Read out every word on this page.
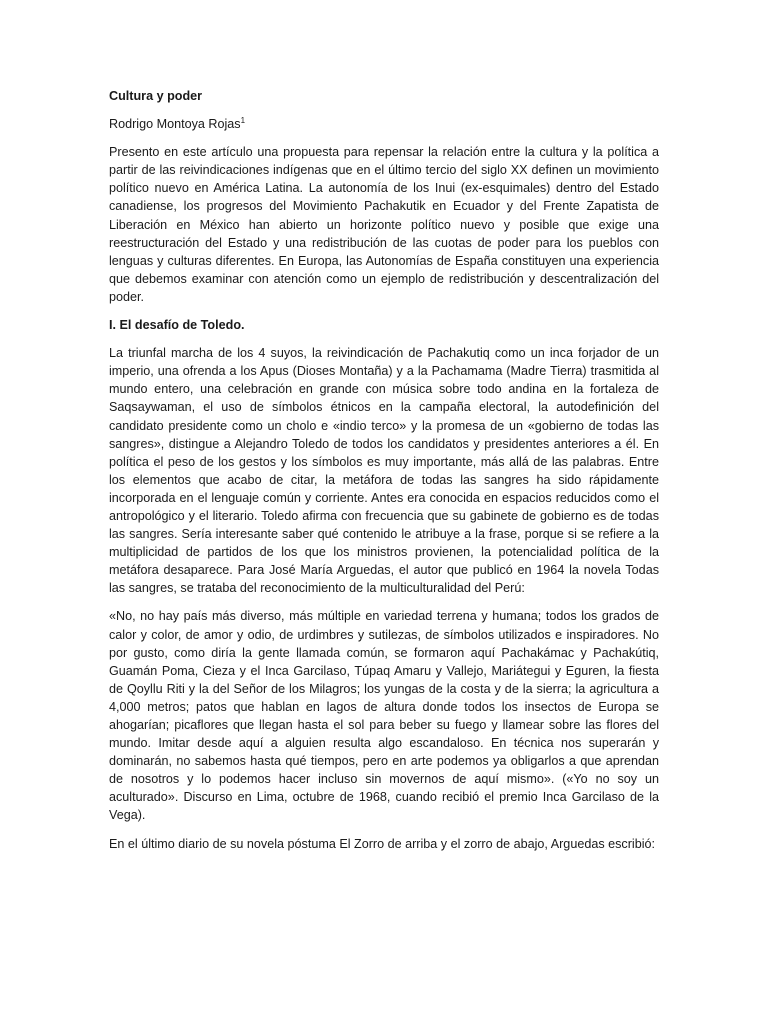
Cultura y poder
Rodrigo Montoya Rojas$^1$

Presento en este artículo una propuesta para repensar la relación entre la cultura y la política a partir de las reivindicaciones indígenas que en el último tercio del siglo XX definen un movimiento político nuevo en América Latina. La autonomía de los Inui (ex-esquimales) dentro del Estado canadiense, los progresos del Movimiento Pachakutik en Ecuador y del Frente Zapatista de Liberación en México han abierto un horizonte político nuevo y posible que exige una reestructuración del Estado y una redistribución de las cuotas de poder para los pueblos con lenguas y culturas diferentes. En Europa, las Autonomías de España constituyen una experiencia que debemos examinar con atención como un ejemplo de redistribución y descentralización del poder.

I. El desafío de Toledo.

La triunfal marcha de los 4 suyos, la reivindicación de Pachakutiq como un inca forjador de un imperio, una ofrenda a los Apus (Dioses Montaña) y a la Pachamama (Madre Tierra) trasmitida al mundo entero, una celebración en grande con música sobre todo andina en la fortaleza de Saqsaywaman, el uso de símbolos étnicos en la campaña electoral, la autodefinición del candidato presidente como un cholo e «indio terco» y la promesa de un «gobierno de todas las sangres», distingue a Alejandro Toledo de todos los candidatos y presidentes anteriores a él. En política el peso de los gestos y los símbolos es muy importante, más allá de las palabras. Entre los elementos que acabo de citar, la metáfora de todas las sangres ha sido rápidamente incorporada en el lenguaje común y corriente. Antes era conocida en espacios reducidos como el antropológico y el literario. Toledo afirma con frecuencia que su gabinete de gobierno es de todas las sangres. Sería interesante saber qué contenido le atribuye a la frase, porque si se refiere a la multiplicidad de partidos de los que los ministros provienen, la potencialidad política de la metáfora desaparece. Para José María Arguedas, el autor que publicó en 1964 la novela Todas las sangres, se trataba del reconocimiento de la multiculturalidad del Perú:

«No, no hay país más diverso, más múltiple en variedad terrena y humana; todos los grados de calor y color, de amor y odio, de urdimbres y sutilezas, de símbolos utilizados e inspiradores. No por gusto, como diría la gente llamada común, se formaron aquí Pachakámac y Pachakútiq, Guamán Poma, Cieza y el Inca Garcilaso, Túpaq Amaru y Vallejo, Mariátegui y Eguren, la fiesta de Qoyllu Riti y la del Señor de los Milagros; los yungas de la costa y de la sierra; la agricultura a 4,000 metros; patos que hablan en lagos de altura donde todos los insectos de Europa se ahogarían; picaflores que llegan hasta el sol para beber su fuego y llamear sobre las flores del mundo. Imitar desde aquí a alguien resulta algo escandaloso. En técnica nos superarán y dominarán, no sabemos hasta qué tiempos, pero en arte podemos ya obligarlos a que aprendan de nosotros y lo podemos hacer incluso sin movernos de aquí mismo». («Yo no soy un aculturado». Discurso en Lima, octubre de 1968, cuando recibió el premio Inca Garcilaso de la Vega).

En el último diario de su novela póstuma El Zorro de arriba y el zorro de abajo, Arguedas escribió:
